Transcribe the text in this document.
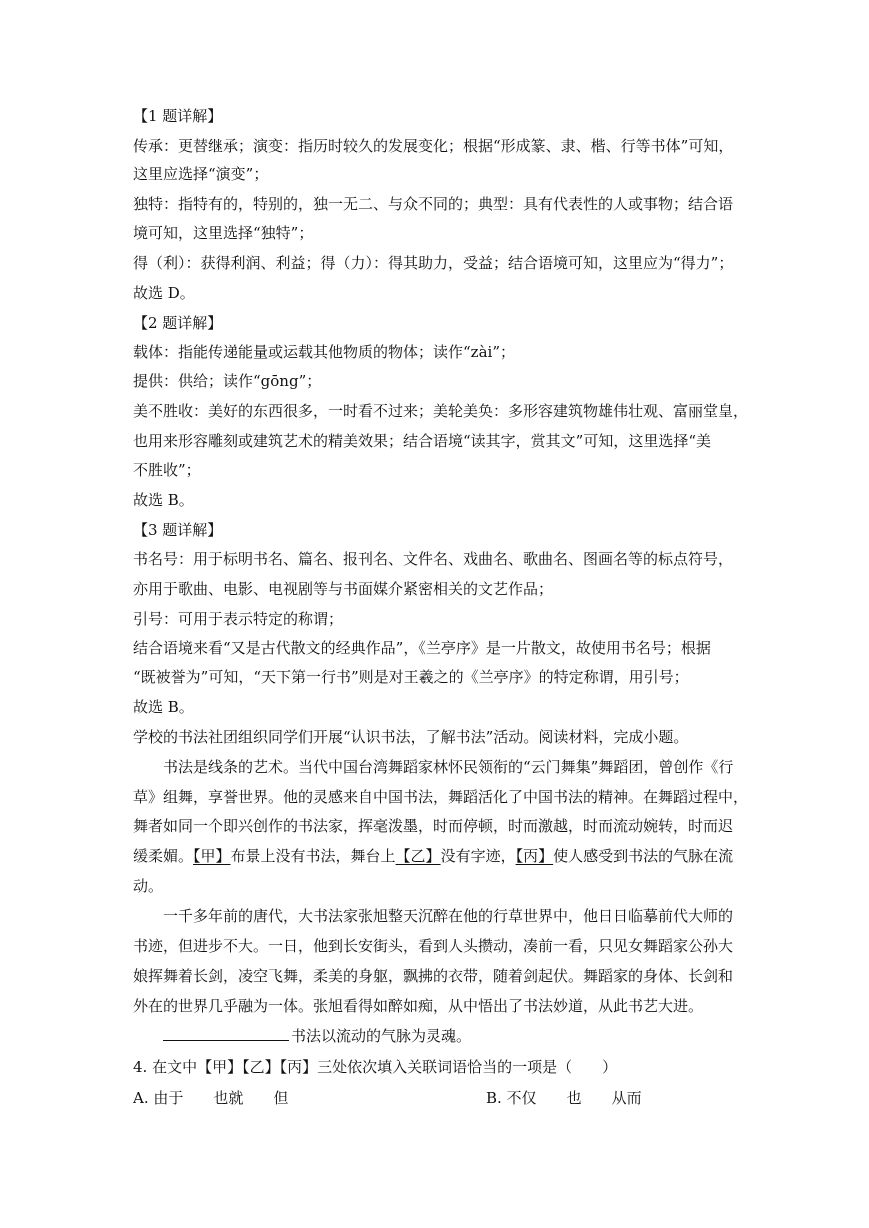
【1 题详解】
传承：更替继承；演变：指历时较久的发展变化；根据“形成篆、隶、楷、行等书体”可知，
这里应选择“演变”；
独特：指特有的，特别的，独一无二、与众不同的；典型：具有代表性的人或事物；结合语
境可知，这里选择“独特”；
得（利）：获得利润、利益；得（力）：得其助力，受益；结合语境可知，这里应为“得力”；
故选 D。
【2 题详解】
载体：指能传递能量或运载其他物质的物体；读作“zài”；
提供：供给；读作“gōng”；
美不胜收：美好的东西很多，一时看不过来；美轮美奂：多形容建筑物雄伟壮观、富丽堂皇，
也用来形容雕刻或建筑艺术的精美效果；结合语境“读其字，赏其文”可知，这里选择“美
不胜收”；
故选 B。
【3 题详解】
书名号：用于标明书名、篇名、报刊名、文件名、戏曲名、歌曲名、图画名等的标点符号，
亦用于歌曲、电影、电视剧等与书面媒介紧密相关的文艺作品；
引号：可用于表示特定的称谓；
结合语境来看“又是古代散文的经典作品”，《兰亭序》是一片散文，故使用书名号；根据
“既被誉为”可知，“天下第一行书”则是对王羲之的《兰亭序》的特定称谓，用引号；
故选 B。
学校的书法社团组织同学们开展“认识书法，了解书法”活动。阅读材料，完成小题。
书法是线条的艺术。当代中国台湾舞蹈家林怀民领衔的“云门舞集”舞蹈团，曾创作《行
草》组舞，享誉世界。他的灵感来自中国书法，舞蹈活化了中国书法的精神。在舞蹈过程中，
舞者如同一个即兴创作的书法家，挥毫泼墨，时而停顿，时而激越，时而流动婉转，时而迟
缓柔媚。【甲】布景上没有书法，舞台上【乙】没有字迹，【丙】使人感受到书法的气脉在流
动。
一千多年前的唐代，大书法家张旭整天沉醉在他的行草世界中，他日日临摹前代大师的
书迹，但进步不大。一日，他到长安街头，看到人头攒动，凑前一看，只见女舞蹈家公孙大
娘挥舞着长剑，凌空飞舞，柔美的身躯，飘拂的衣带，随着剑起伏。舞蹈家的身体、长剑和
外在的世界几乎融为一体。张旭看得如醉如痴，从中悟出了书法妙道，从此书艺大进。
书法以流动的气脉为灵魂。
4. 在文中【甲】【乙】【丙】三处依次填入关联词语恰当的一项是（　　）
A. 由于 也就 但	B. 不仅 也 从而
